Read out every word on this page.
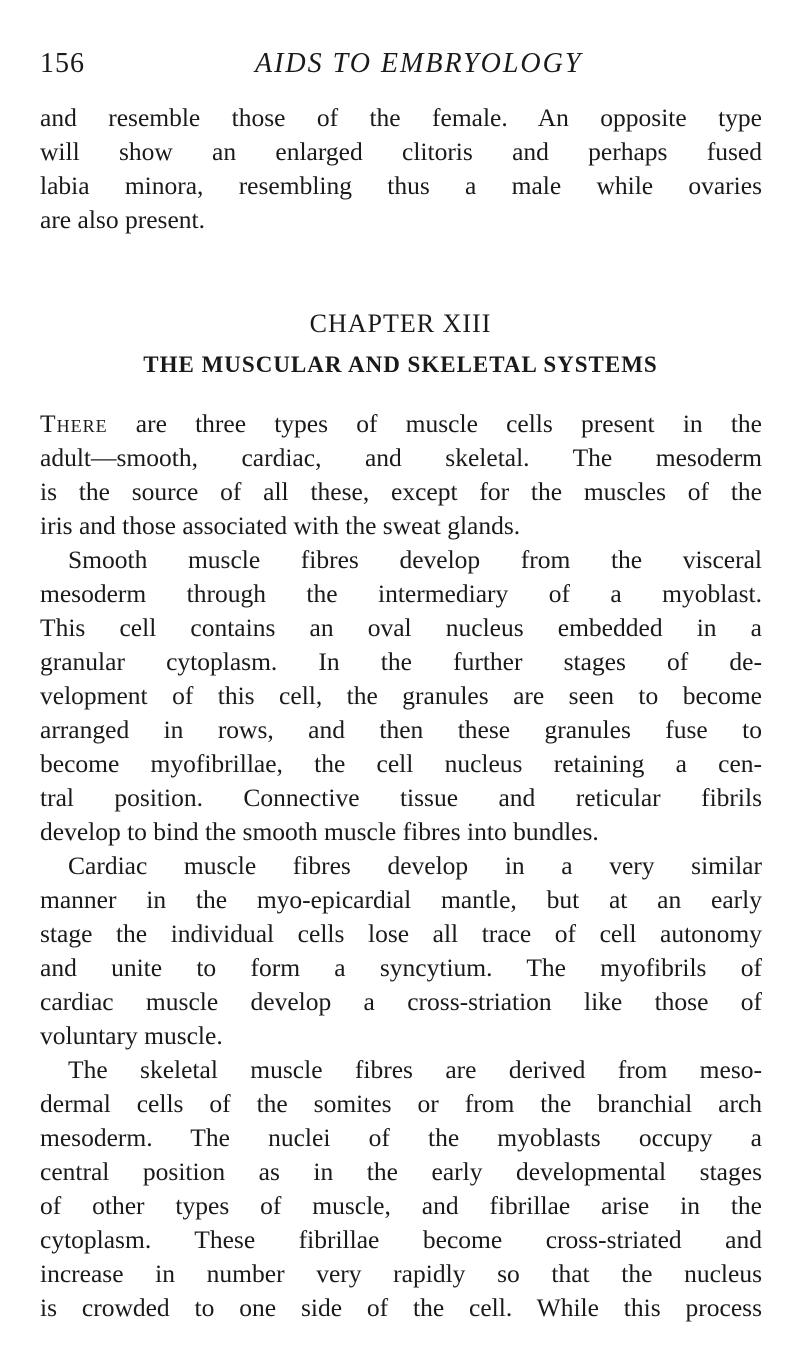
156	AIDS TO EMBRYOLOGY
and resemble those of the female. An opposite type
will show an enlarged clitoris and perhaps fused
labia minora, resembling thus a male while ovaries
are also present.
CHAPTER XIII
THE MUSCULAR AND SKELETAL SYSTEMS
There are three types of muscle cells present in the
adult—smooth, cardiac, and skeletal. The mesoderm
is the source of all these, except for the muscles of the
iris and those associated with the sweat glands.
Smooth muscle fibres develop from the visceral
mesoderm through the intermediary of a myoblast.
This cell contains an oval nucleus embedded in a
granular cytoplasm. In the further stages of de-
velopment of this cell, the granules are seen to become
arranged in rows, and then these granules fuse to
become myofibrillae, the cell nucleus retaining a cen-
tral position. Connective tissue and reticular fibrils
develop to bind the smooth muscle fibres into bundles.
Cardiac muscle fibres develop in a very similar
manner in the myo-epicardial mantle, but at an early
stage the individual cells lose all trace of cell autonomy
and unite to form a syncytium. The myofibrils of
cardiac muscle develop a cross-striation like those of
voluntary muscle.
The skeletal muscle fibres are derived from meso-
dermal cells of the somites or from the branchial arch
mesoderm. The nuclei of the myoblasts occupy a
central position as in the early developmental stages
of other types of muscle, and fibrillae arise in the
cytoplasm. These fibrillae become cross-striated and
increase in number very rapidly so that the nucleus
is crowded to one side of the cell. While this process
